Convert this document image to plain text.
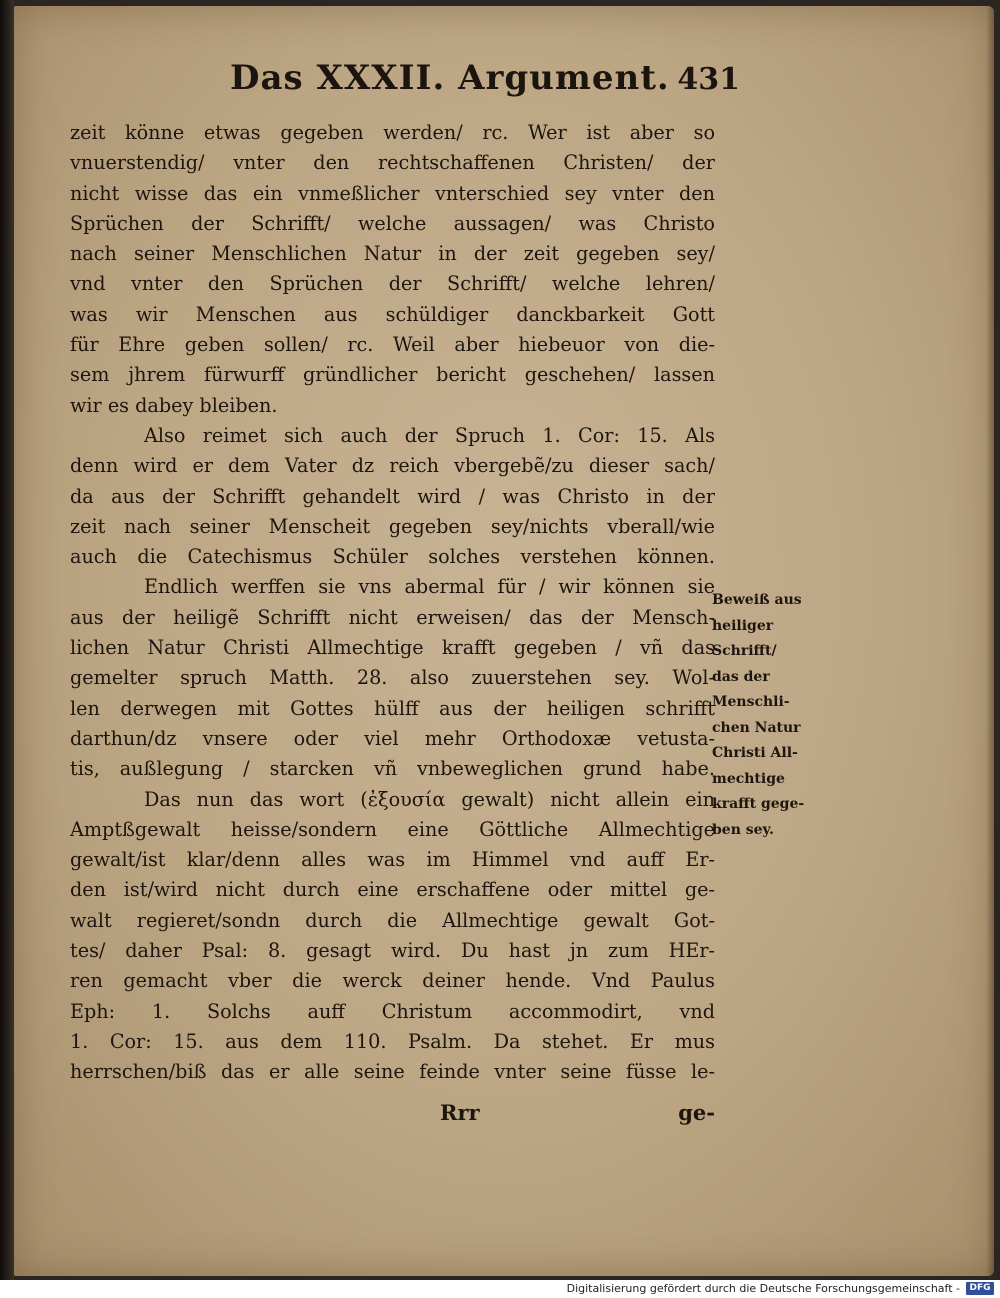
Das XXXII. Argument. 431
zeit könne etwas gegeben werden/ rc. Wer ist aber so
vnuerstendig/ vnter den rechtschaffenen Christen/ der
nicht wisse das ein vnmeßlicher vnterschied sey vnter den
Sprüchen der Schrifft/ welche aussagen/ was Christo
nach seiner Menschlichen Natur in der zeit gegeben sey/
vnd vnter den Sprüchen der Schrifft/ welche lehren/
was wir Menschen aus schüldiger danckbarkeit Gott
für Ehre geben sollen/ rc. Weil aber hiebeuor von die-
sem jhrem fürwurff gründlicher bericht geschehen/ lassen
wir es dabey bleiben.
Also reimet sich auch der Spruch 1. Cor: 15. Als
denn wird er dem Vater dz reich vbergebẽ/zu dieser sach/
da aus der Schrifft gehandelt wird / was Christo in der
zeit nach seiner Menscheit gegeben sey/nichts vberall/wie
auch die Catechismus Schüler solches verstehen können.
Endlich werffen sie vns abermal für / wir können sie
aus der heiligẽ Schrifft nicht erweisen/ das der Mensch-
lichen Natur Christi Allmechtige krafft gegeben / vñ das
gemelter spruch Matth. 28. also zuuerstehen sey. Wol-
len derwegen mit Gottes hülff aus der heiligen schrifft
darthun/dz vnsere oder viel mehr Orthodoxæ vetusta-
tis, außlegung / starcken vñ vnbeweglichen grund habe.
Das nun das wort (ἐξουσία gewalt) nicht allein ein
Amptßgewalt heisse/sondern eine Göttliche Allmechtige
gewalt/ist klar/denn alles was im Himmel vnd auff Er-
den ist/wird nicht durch eine erschaffene oder mittel ge-
walt regieret/sondn durch die Allmechtige gewalt Got-
tes/ daher Psal: 8. gesagt wird. Du hast jn zum HEr-
ren gemacht vber die werck deiner hende. Vnd Paulus
Eph: 1. Solchs auff Christum accommodirt, vnd
1. Cor: 15. aus dem 110. Psalm. Da stehet. Er mus
herrschen/biß das er alle seine feinde vnter seine füsse le-
Beweiß aus
heiliger
Schrifft/
das der
Menschli-
chen Natur
Christi All-
mechtige
krafft gege-
ben sey.
Rrr	ge-
Digitalisierung gefördert durch die Deutsche Forschungsgemeinschaft -	DFG
